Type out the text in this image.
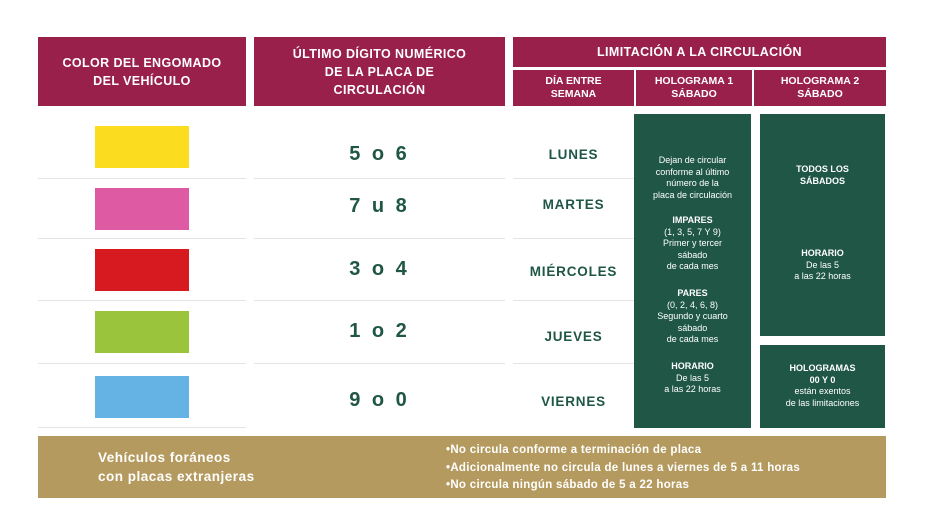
COLOR DEL ENGOMADO
DEL VEHÍCULO
ÚLTIMO DÍGITO NUMÉRICO
DE LA PLACA DE
CIRCULACIÓN
LIMITACIÓN A LA CIRCULACIÓN
DÍA ENTRE
SEMANA
HOLOGRAMA 1
SÁBADO
HOLOGRAMA 2
SÁBADO
5 o 6	LUNES
7 u 8	MARTES
3 o 4	MIÉRCOLES
1 o 2	JUEVES
9 o 0	VIERNES
Dejan de circular
conforme al último
número de la
placa de circulación
IMPARES
(1, 3, 5, 7 Y 9)
Primer y tercer
sábado
de cada mes
PARES
(0, 2, 4, 6, 8)
Segundo y cuarto
sábado
de cada mes
HORARIO
De las 5
a las 22 horas
TODOS LOS
SÁBADOS
HORARIO
De las 5
a las 22 horas
HOLOGRAMAS
00 Y 0
están exentos
de las limitaciones
Vehículos foráneos
con placas extranjeras
•No circula conforme a terminación de placa
•Adicionalmente no circula de lunes a viernes de 5 a 11 horas
•No circula ningún sábado de 5 a 22 horas
